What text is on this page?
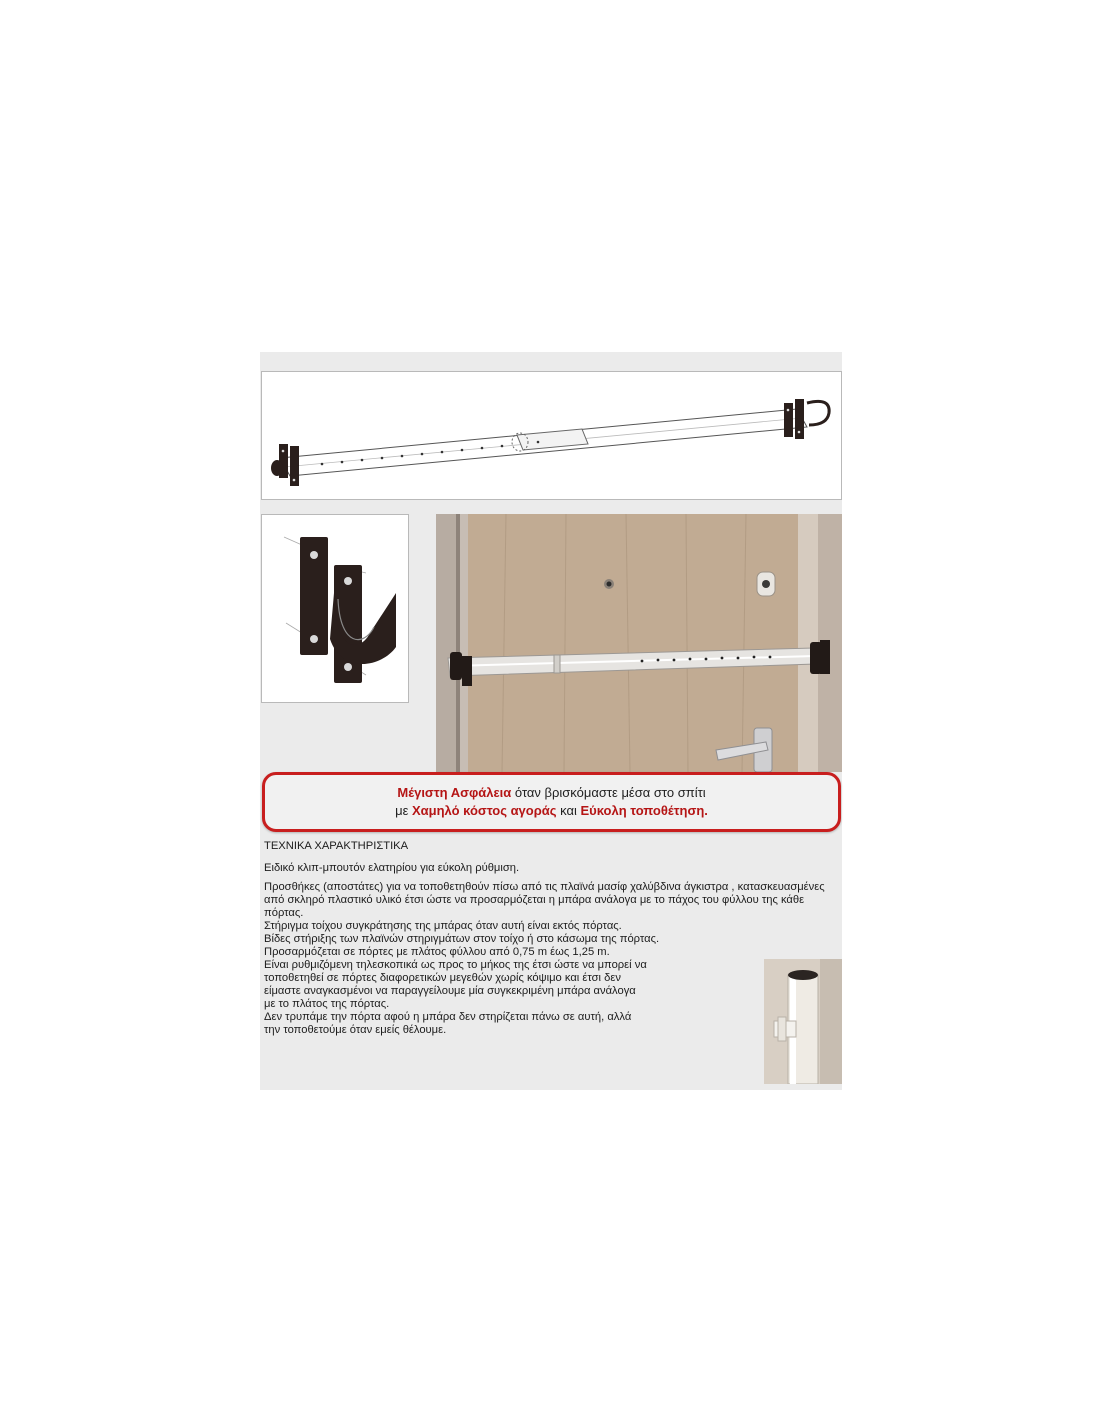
Μέγιστη Ασφάλεια όταν βρισκόμαστε μέσα στο σπίτι
με Χαμηλό κόστος αγοράς και Εύκολη τοποθέτηση.

ΤΕΧΝΙΚΑ ΧΑΡΑΚΤΗΡΙΣΤΙΚΑ

Ειδικό κλιπ-μπουτόν ελατηρίου για εύκολη ρύθμιση.

Προσθήκες (αποστάτες) για να τοποθετηθούν πίσω από τις πλαϊνά μασίφ χαλύβδινα άγκιστρα , κατασκευασμένες από σκληρό πλαστικό υλικό έτσι ώστε να προσαρμόζεται η μπάρα ανάλογα με το πάχος του φύλλου της κάθε πόρτας.

Στήριγμα τοίχου συγκράτησης της μπάρας όταν αυτή είναι εκτός πόρτας.

Βίδες στήριξης των πλαϊνών στηριγμάτων στον τοίχο ή στο κάσωμα της πόρτας.

Προσαρμόζεται σε πόρτες με πλάτος φύλλου από 0,75 m έως 1,25 m.

Είναι ρυθμιζόμενη τηλεσκοπικά ως προς το μήκος της έτσι ώστε να μπορεί να
τοποθετηθεί σε πόρτες διαφορετικών μεγεθών χωρίς κόψιμο και έτσι δεν
είμαστε αναγκασμένοι να παραγγείλουμε μία συγκεκριμένη μπάρα ανάλογα
με το πλάτος της πόρτας.

Δεν τρυπάμε την πόρτα αφού η μπάρα δεν στηρίζεται πάνω σε αυτή, αλλά
την τοποθετούμε όταν εμείς θέλουμε.
